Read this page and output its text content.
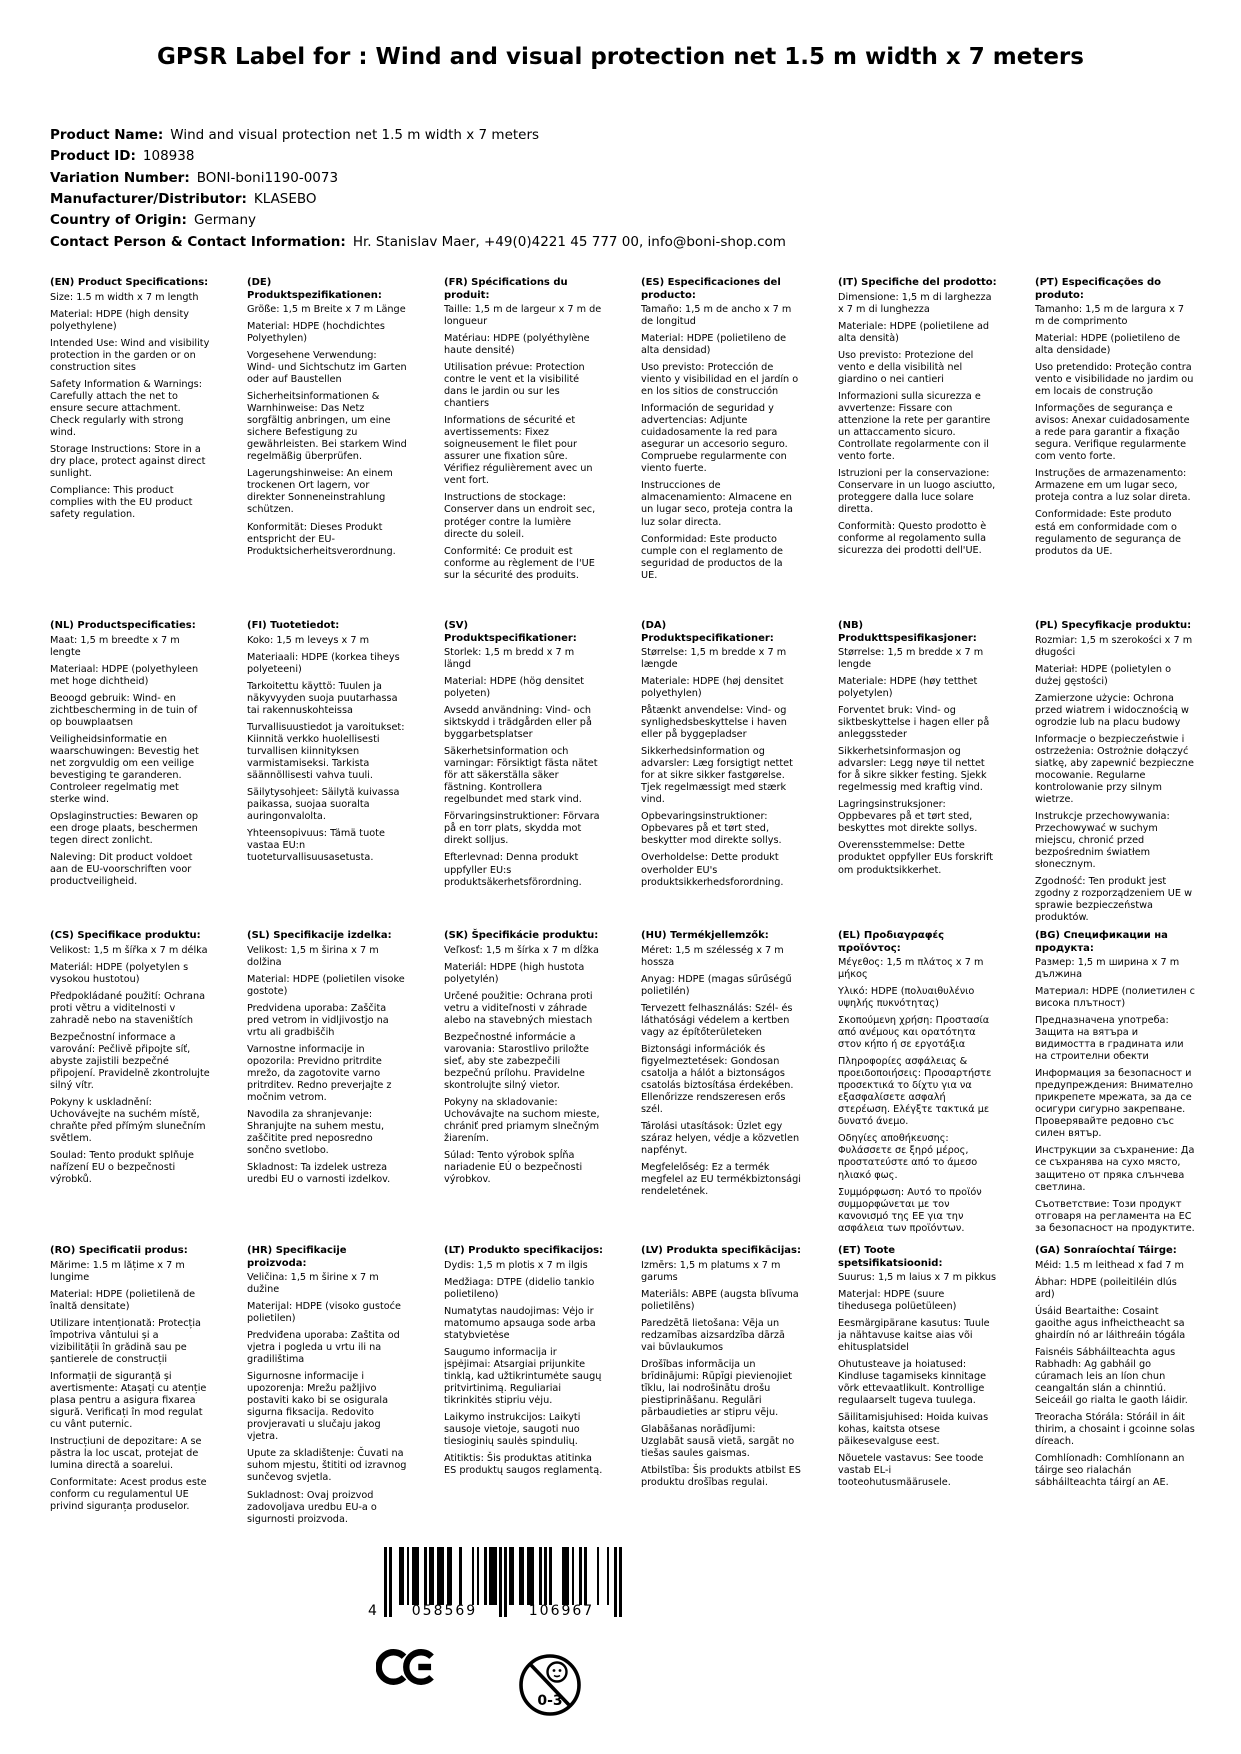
GPSR Label for : Wind and visual protection net 1.5 m width x 7 meters
Product Name: Wind and visual protection net 1.5 m width x 7 meters
Product ID: 108938
Variation Number: BONI-boni1190-0073
Manufacturer/Distributor: KLASEBO
Country of Origin: Germany
Contact Person & Contact Information: Hr. Stanislav Maer, +49(0)4221 45 777 00, info@boni-shop.com
(EN) Product Specifications:

Size: 1.5 m width x 7 m length

Material: HDPE (high density polyethylene)

Intended Use: Wind and visibility protection in the garden or on construction sites

Safety Information & Warnings: Carefully attach the net to ensure secure attachment. Check regularly with strong wind.

Storage Instructions: Store in a dry place, protect against direct sunlight.

Compliance: This product complies with the EU product safety regulation.

(DE) Produktspezifikationen:

Größe: 1,5 m Breite x 7 m Länge

Material: HDPE (hochdichtes Polyethylen)

Vorgesehene Verwendung: Wind- und Sichtschutz im Garten oder auf Baustellen

Sicherheitsinformationen & Warnhinweise: Das Netz sorgfältig anbringen, um eine sichere Befestigung zu gewährleisten. Bei starkem Wind regelmäßig überprüfen.

Lagerungshinweise: An einem trockenen Ort lagern, vor direkter Sonneneinstrahlung schützen.

Konformität: Dieses Produkt entspricht der EU-Produktsicherheitsverordnung.

(FR) Spécifications du produit:

Taille: 1,5 m de largeur x 7 m de longueur

Matériau: HDPE (polyéthylène haute densité)

Utilisation prévue: Protection contre le vent et la visibilité dans le jardin ou sur les chantiers

Informations de sécurité et avertissements: Fixez soigneusement le filet pour assurer une fixation sûre. Vérifiez régulièrement avec un vent fort.

Instructions de stockage: Conserver dans un endroit sec, protéger contre la lumière directe du soleil.

Conformité: Ce produit est conforme au règlement de l'UE sur la sécurité des produits.

(ES) Especificaciones del producto:

Tamaño: 1,5 m de ancho x 7 m de longitud

Material: HDPE (polietileno de alta densidad)

Uso previsto: Protección de viento y visibilidad en el jardín o en los sitios de construcción

Información de seguridad y advertencias: Adjunte cuidadosamente la red para asegurar un accesorio seguro. Compruebe regularmente con viento fuerte.

Instrucciones de almacenamiento: Almacene en un lugar seco, proteja contra la luz solar directa.

Conformidad: Este producto cumple con el reglamento de seguridad de productos de la UE.

(IT) Specifiche del prodotto:

Dimensione: 1,5 m di larghezza x 7 m di lunghezza

Materiale: HDPE (polietilene ad alta densità)

Uso previsto: Protezione del vento e della visibilità nel giardino o nei cantieri

Informazioni sulla sicurezza e avvertenze: Fissare con attenzione la rete per garantire un attaccamento sicuro. Controllate regolarmente con il vento forte.

Istruzioni per la conservazione: Conservare in un luogo asciutto, proteggere dalla luce solare diretta.

Conformità: Questo prodotto è conforme al regolamento sulla sicurezza dei prodotti dell'UE.

(PT) Especificações do produto:

Tamanho: 1,5 m de largura x 7 m de comprimento

Material: HDPE (polietileno de alta densidade)

Uso pretendido: Proteção contra vento e visibilidade no jardim ou em locais de construção

Informações de segurança e avisos: Anexar cuidadosamente a rede para garantir a fixação segura. Verifique regularmente com vento forte.

Instruções de armazenamento: Armazene em um lugar seco, proteja contra a luz solar direta.

Conformidade: Este produto está em conformidade com o regulamento de segurança de produtos da UE.

(NL) Productspecificaties:

Maat: 1,5 m breedte x 7 m lengte

Materiaal: HDPE (polyethyleen met hoge dichtheid)

Beoogd gebruik: Wind- en zichtbescherming in de tuin of op bouwplaatsen

Veiligheidsinformatie en waarschuwingen: Bevestig het net zorgvuldig om een veilige bevestiging te garanderen. Controleer regelmatig met sterke wind.

Opslaginstructies: Bewaren op een droge plaats, beschermen tegen direct zonlicht.

Naleving: Dit product voldoet aan de EU-voorschriften voor productveiligheid.

(FI) Tuotetiedot:

Koko: 1,5 m leveys x 7 m

Materiaali: HDPE (korkea tiheys polyeteeni)

Tarkoitettu käyttö: Tuulen ja näkyvyyden suoja puutarhassa tai rakennuskohteissa

Turvallisuustiedot ja varoitukset: Kiinnitä verkko huolellisesti turvallisen kiinnityksen varmistamiseksi. Tarkista säännöllisesti vahva tuuli.

Säilytysohjeet: Säilytä kuivassa paikassa, suojaa suoralta auringonvalolta.

Yhteensopivuus: Tämä tuote vastaa EU:n tuoteturvallisuusasetusta.

(SV) Produktspecifikationer:

Storlek: 1,5 m bredd x 7 m längd

Material: HDPE (hög densitet polyeten)

Avsedd användning: Vind- och siktskydd i trädgården eller på byggarbetsplatser

Säkerhetsinformation och varningar: Försiktigt fästa nätet för att säkerställa säker fästning. Kontrollera regelbundet med stark vind.

Förvaringsinstruktioner: Förvara på en torr plats, skydda mot direkt solljus.

Efterlevnad: Denna produkt uppfyller EU:s produktsäkerhetsförordning.

(DA) Produktspecifikationer:

Størrelse: 1,5 m bredde x 7 m længde

Materiale: HDPE (høj densitet polyethylen)

Påtænkt anvendelse: Vind- og synlighedsbeskyttelse i haven eller på byggepladser

Sikkerhedsinformation og advarsler: Læg forsigtigt nettet for at sikre sikker fastgørelse. Tjek regelmæssigt med stærk vind.

Opbevaringsinstruktioner: Opbevares på et tørt sted, beskytter mod direkte sollys.

Overholdelse: Dette produkt overholder EU's produktsikkerhedsforordning.

(NB) Produkttspesifikasjoner:

Størrelse: 1,5 m bredde x 7 m lengde

Materiale: HDPE (høy tetthet polyetylen)

Forventet bruk: Vind- og siktbeskyttelse i hagen eller på anleggssteder

Sikkerhetsinformasjon og advarsler: Legg nøye til nettet for å sikre sikker festing. Sjekk regelmessig med kraftig vind.

Lagringsinstruksjoner: Oppbevares på et tørt sted, beskyttes mot direkte sollys.

Overensstemmelse: Dette produktet oppfyller EUs forskrift om produktsikkerhet.

(PL) Specyfikacje produktu:

Rozmiar: 1,5 m szerokości x 7 m długości

Materiał: HDPE (polietylen o dużej gęstości)

Zamierzone użycie: Ochrona przed wiatrem i widocznością w ogrodzie lub na placu budowy

Informacje o bezpieczeństwie i ostrzeżenia: Ostrożnie dołączyć siatkę, aby zapewnić bezpieczne mocowanie. Regularne kontrolowanie przy silnym wietrze.

Instrukcje przechowywania: Przechowywać w suchym miejscu, chronić przed bezpośrednim światłem słonecznym.

Zgodność: Ten produkt jest zgodny z rozporządzeniem UE w sprawie bezpieczeństwa produktów.

(CS) Specifikace produktu:

Velikost: 1,5 m šířka x 7 m délka

Materiál: HDPE (polyetylen s vysokou hustotou)

Předpokládané použití: Ochrana proti větru a viditelnosti v zahradě nebo na staveništích

Bezpečnostní informace a varování: Pečlivě připojte síť, abyste zajistili bezpečné připojení. Pravidelně zkontrolujte silný vítr.

Pokyny k uskladnění: Uchovávejte na suchém místě, chraňte před přímým slunečním světlem.

Soulad: Tento produkt splňuje nařízení EU o bezpečnosti výrobků.

(SL) Specifikacije izdelka:

Velikost: 1,5 m širina x 7 m dolžina

Material: HDPE (polietilen visoke gostote)

Predvidena uporaba: Zaščita pred vetrom in vidljivostjo na vrtu ali gradbiščih

Varnostne informacije in opozorila: Previdno pritrdite mrežo, da zagotovite varno pritrditev. Redno preverjajte z močnim vetrom.

Navodila za shranjevanje: Shranjujte na suhem mestu, zaščitite pred neposredno sončno svetlobo.

Skladnost: Ta izdelek ustreza uredbi EU o varnosti izdelkov.

(SK) Špecifikácie produktu:

Veľkosť: 1,5 m šírka x 7 m dĺžka

Materiál: HDPE (high hustota polyetylén)

Určené použitie: Ochrana proti vetru a viditeľnosti v záhrade alebo na stavebných miestach

Bezpečnostné informácie a varovania: Starostlivo priložte sieť, aby ste zabezpečili bezpečnú prílohu. Pravidelne skontrolujte silný vietor.

Pokyny na skladovanie: Uchovávajte na suchom mieste, chrániť pred priamym slnečným žiarením.

Súlad: Tento výrobok spĺňa nariadenie EÚ o bezpečnosti výrobkov.

(HU) Termékjellemzők:

Méret: 1,5 m szélesség x 7 m hossza

Anyag: HDPE (magas sűrűségű polietilén)

Tervezett felhasználás: Szél- és láthatósági védelem a kertben vagy az építőterületeken

Biztonsági információk és figyelmeztetések: Gondosan csatolja a hálót a biztonságos csatolás biztosítása érdekében. Ellenőrizze rendszeresen erős szél.

Tárolási utasítások: Üzlet egy száraz helyen, védje a közvetlen napfényt.

Megfelelőség: Ez a termék megfelel az EU termékbiztonsági rendeletének.

(EL) Προδιαγραφές προϊόντος:

Μέγεθος: 1,5 m πλάτος x 7 m μήκος

Υλικό: HDPE (πολυαιθυλένιο υψηλής πυκνότητας)

Σκοπούμενη χρήση: Προστασία από ανέμους και ορατότητα στον κήπο ή σε εργοτάξια

Πληροφορίες ασφάλειας & προειδοποιήσεις: Προσαρτήστε προσεκτικά το δίχτυ για να εξασφαλίσετε ασφαλή στερέωση. Ελέγξτε τακτικά με δυνατό άνεμο.

Οδηγίες αποθήκευσης: Φυλάσσετε σε ξηρό μέρος, προστατεύστε από το άμεσο ηλιακό φως.

Συμμόρφωση: Αυτό το προϊόν συμμορφώνεται με τον κανονισμό της ΕΕ για την ασφάλεια των προϊόντων.

(BG) Спецификации на продукта:

Размер: 1,5 m ширина x 7 m дължина

Материал: HDPE (полиетилен с висока плътност)

Предназначена употреба: Защита на вятъра и видимостта в градината или на строителни обекти

Информация за безопасност и предупреждения: Внимателно прикрепете мрежата, за да се осигури сигурно закрепване. Проверявайте редовно със силен вятър.

Инструкции за съхранение: Да се съхранява на сухо място, защитено от пряка слънчева светлина.

Съответствие: Този продукт отговаря на регламента на ЕС за безопасност на продуктите.

(RO) Specificatii produs:

Mărime: 1.5 m lățime x 7 m lungime

Material: HDPE (polietilenă de înaltă densitate)

Utilizare intenționată: Protecția împotriva vântului și a vizibilității în grădină sau pe șantierele de construcții

Informații de siguranță și avertismente: Atașați cu atenție plasa pentru a asigura fixarea sigură. Verificați în mod regulat cu vânt puternic.

Instrucțiuni de depozitare: A se păstra la loc uscat, protejat de lumina directă a soarelui.

Conformitate: Acest produs este conform cu regulamentul UE privind siguranța produselor.

(HR) Specifikacije proizvoda:

Veličina: 1,5 m širine x 7 m dužine

Materijal: HDPE (visoko gustoće polietilen)

Predviđena uporaba: Zaštita od vjetra i pogleda u vrtu ili na gradilištima

Sigurnosne informacije i upozorenja: Mrežu pažljivo postaviti kako bi se osigurala sigurna fiksacija. Redovito provjeravati u slučaju jakog vjetra.

Upute za skladištenje: Čuvati na suhom mjestu, štititi od izravnog sunčevog svjetla.

Sukladnost: Ovaj proizvod zadovoljava uredbu EU-a o sigurnosti proizvoda.

(LT) Produkto specifikacijos:

Dydis: 1,5 m plotis x 7 m ilgis

Medžiaga: DTPE (didelio tankio polietileno)

Numatytas naudojimas: Vėjo ir matomumo apsauga sode arba statybvietėse

Saugumo informacija ir įspėjimai: Atsargiai prijunkite tinklą, kad užtikrintumėte saugų pritvirtinimą. Reguliariai tikrinkitės stipriu vėju.

Laikymo instrukcijos: Laikyti sausoje vietoje, saugoti nuo tiesioginių saulės spindulių.

Atitiktis: Šis produktas atitinka ES produktų saugos reglamentą.

(LV) Produkta specifikācijas:

Izmērs: 1,5 m platums x 7 m garums

Materiāls: ABPE (augsta blīvuma polietilēns)

Paredzētā lietošana: Vēja un redzamības aizsardzība dārzā vai būvlaukumos

Drošības informācija un brīdinājumi: Rūpīgi pievienojiet tīklu, lai nodrošinātu drošu piestiprināšanu. Regulāri pārbaudieties ar stipru vēju.

Glabāšanas norādījumi: Uzglabāt sausā vietā, sargāt no tiešas saules gaismas.

Atbilstība: Šis produkts atbilst ES produktu drošības regulai.

(ET) Toote spetsifikatsioonid:

Suurus: 1,5 m laius x 7 m pikkus

Materjal: HDPE (suure tihedusega polüetüleen)

Eesmärgipärane kasutus: Tuule ja nähtavuse kaitse aias või ehitusplatsidel

Ohutusteave ja hoiatused: Kindluse tagamiseks kinnitage võrk ettevaatlikult. Kontrollige regulaarselt tugeva tuulega.

Säilitamisjuhised: Hoida kuivas kohas, kaitsta otsese päikesevalguse eest.

Nõuetele vastavus: See toode vastab EL-i tooteohutusmäärusele.

(GA) Sonraíochtaí Táirge:

Méid: 1.5 m leithead x fad 7 m

Ábhar: HDPE (poileitiléin dlús ard)

Úsáid Beartaithe: Cosaint gaoithe agus infheictheacht sa ghairdín nó ar láithreáin tógála

Faisnéis Sábháilteachta agus Rabhadh: Ag gabháil go cúramach leis an líon chun ceangaltán slán a chinntiú. Seiceáil go rialta le gaoth láidir.

Treoracha Stórála: Stóráil in áit thirim, a chosaint i gcoinne solas díreach.

Comhlíonadh: Comhlíonann an táirge seo rialachán sábháilteachta táirgí an AE.

4	058569	106967
0-3
